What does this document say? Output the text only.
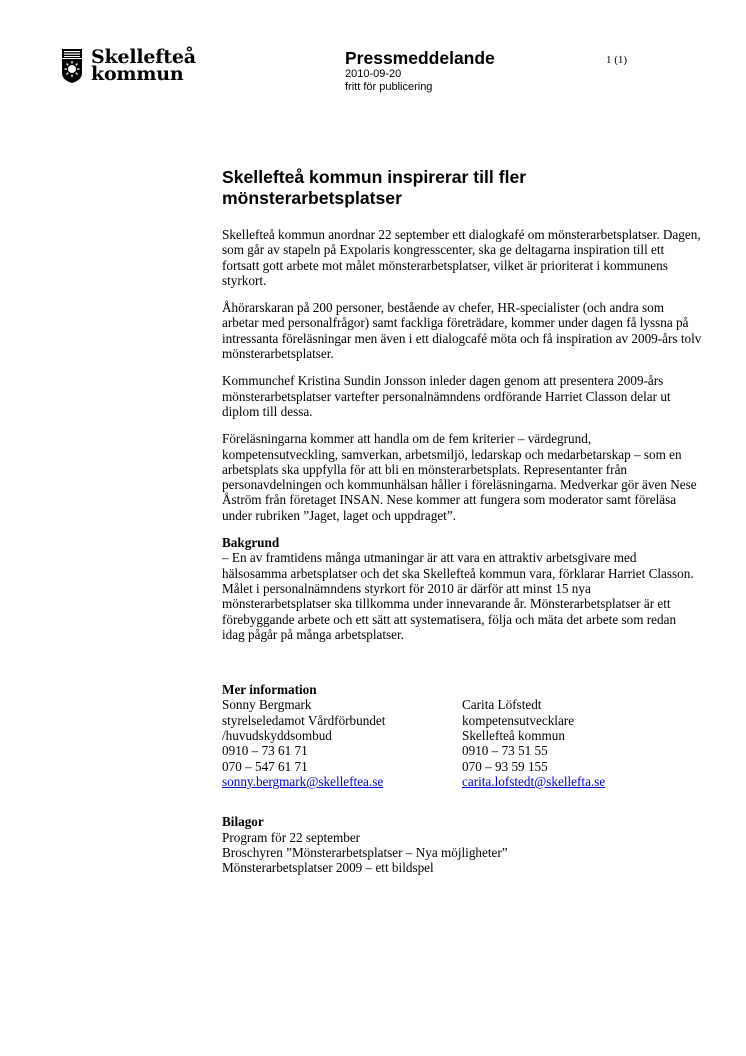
Skellefteå
kommun
Pressmeddelande
2010-09-20
fritt för publicering
1 (1)
Skellefteå kommun inspirerar till fler mönsterarbetsplatser

Skellefteå kommun anordnar 22 september ett dialogkafé om mönsterarbetsplatser. Dagen, som går av stapeln på Expolaris kongresscenter, ska ge deltagarna inspiration till ett fortsatt gott arbete mot målet mönsterarbetsplatser, vilket är prioriterat i kommunens styrkort.

Åhörarskaran på 200 personer, bestående av chefer, HR-specialister (och andra som arbetar med personalfrågor) samt fackliga företrädare, kommer under dagen få lyssna på intressanta föreläsningar men även i ett dialogcafé möta och få inspiration av 2009-års tolv mönsterarbetsplatser.

Kommunchef Kristina Sundin Jonsson inleder dagen genom att presentera 2009-års mönsterarbetsplatser vartefter personalnämndens ordförande Harriet Classon delar ut diplom till dessa.

Föreläsningarna kommer att handla om de fem kriterier – värdegrund, kompetensutveckling, samverkan, arbetsmiljö, ledarskap och medarbetarskap – som en arbetsplats ska uppfylla för att bli en mönsterarbetsplats. Representanter från personavdelningen och kommunhälsan håller i föreläsningarna. Medverkar gör även Nese Åström från företaget INSAN. Nese kommer att fungera som moderator samt föreläsa under rubriken ”Jaget, laget och uppdraget”.

Bakgrund

– En av framtidens många utmaningar är att vara en attraktiv arbetsgivare med hälsosamma arbetsplatser och det ska Skellefteå kommun vara, förklarar Harriet Classon. Målet i personalnämndens styrkort för 2010 är därför att minst 15 nya mönsterarbetsplatser ska tillkomma under innevarande år. Mönsterarbetsplatser är ett förebyggande arbete och ett sätt att systematisera, följa och mäta det arbete som redan idag pågår på många arbetsplatser.

Mer information

Sonny Bergmark
styrelseledamot Vårdförbundet
/huvudskyddsombud
0910 – 73 61 71
070 – 547 61 71
sonny.bergmark@skelleftea.se
Carita Löfstedt
kompetensutvecklare
Skellefteå kommun
0910 – 73 51 55
070 – 93 59 155
carita.lofstedt@skellefta.se

Bilagor

Program för 22 september
Broschyren ”Mönsterarbetsplatser – Nya möjligheter”
Mönsterarbetsplatser 2009 – ett bildspel
